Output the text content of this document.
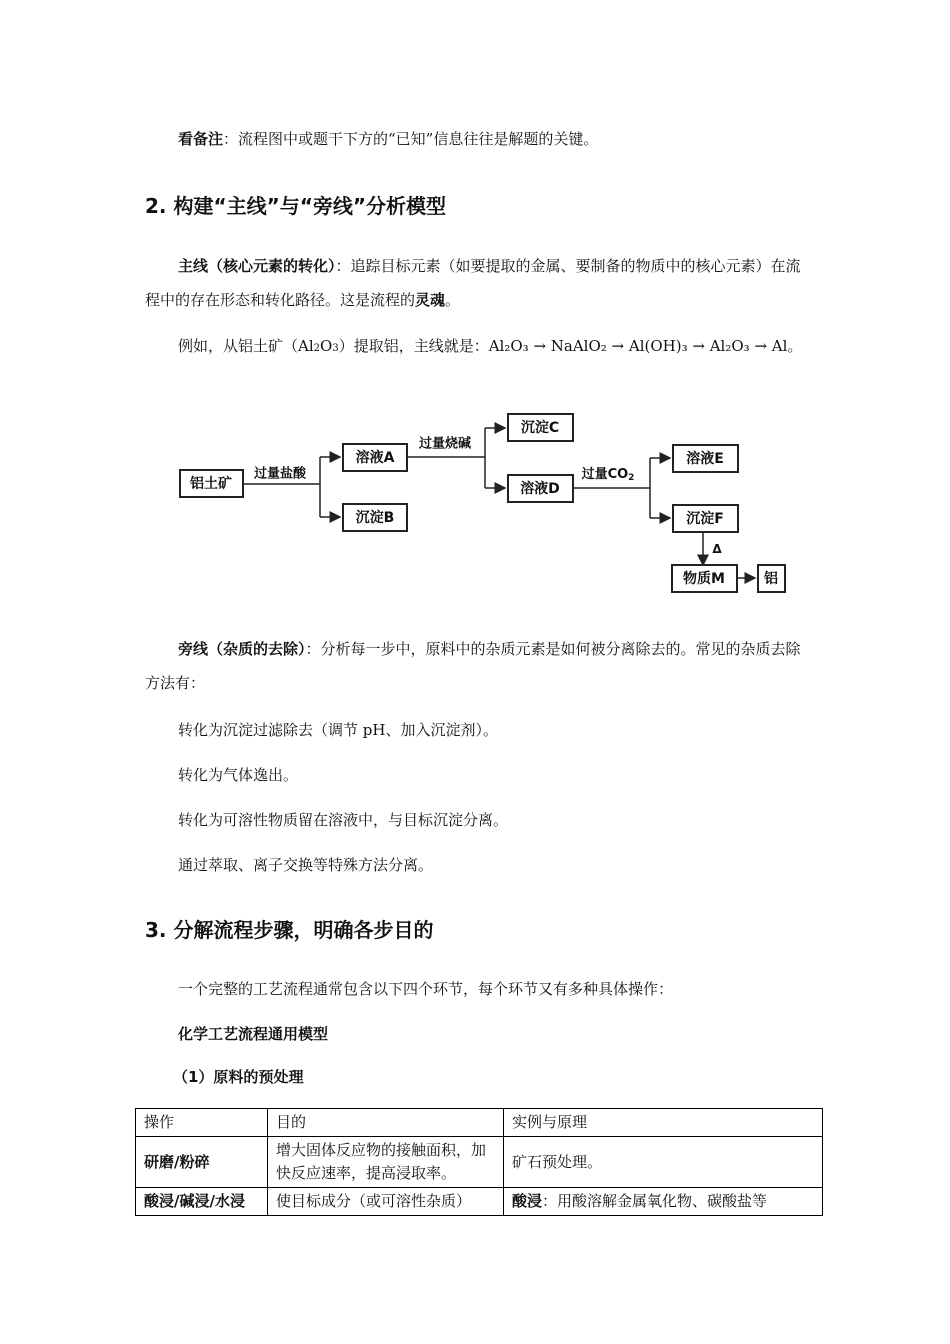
看备注：流程图中或题干下方的“已知”信息往往是解题的关键。
2. 构建“主线”与“旁线”分析模型
主线（核心元素的转化）：追踪目标元素（如要提取的金属、要制备的物质中的核心元素）在流程中的存在形态和转化路径。这是流程的灵魂。
例如，从铝土矿（Al2O3）提取铝，主线就是：Al₂O₃ → NaAlO₂ → Al(OH)₃ → Al₂O₃ → Al。
铝土矿
过量盐酸
溶液A
沉淀B
过量烧碱
沉淀C
溶液D
过量$CO_2$
溶液E
沉淀F
Δ
物质M	铝
旁线（杂质的去除）：分析每一步中，原料中的杂质元素是如何被分离除去的。常见的杂质去除方法有：
转化为沉淀过滤除去（调节 pH、加入沉淀剂）。
转化为气体逸出。
转化为可溶性物质留在溶液中，与目标沉淀分离。
通过萃取、离子交换等特殊方法分离。
3. 分解流程步骤，明确各步目的
一个完整的工艺流程通常包含以下四个环节，每个环节又有多种具体操作：
化学工艺流程通用模型
（1）原料的预处理
操作	目的	实例与原理
研磨/粉碎	增大固体反应物的接触面积，加快反应速率，提高浸取率。	矿石预处理。
酸浸/碱浸/水浸	使目标成分（或可溶性杂质）	酸浸：用酸溶解金属氧化物、碳酸盐等
